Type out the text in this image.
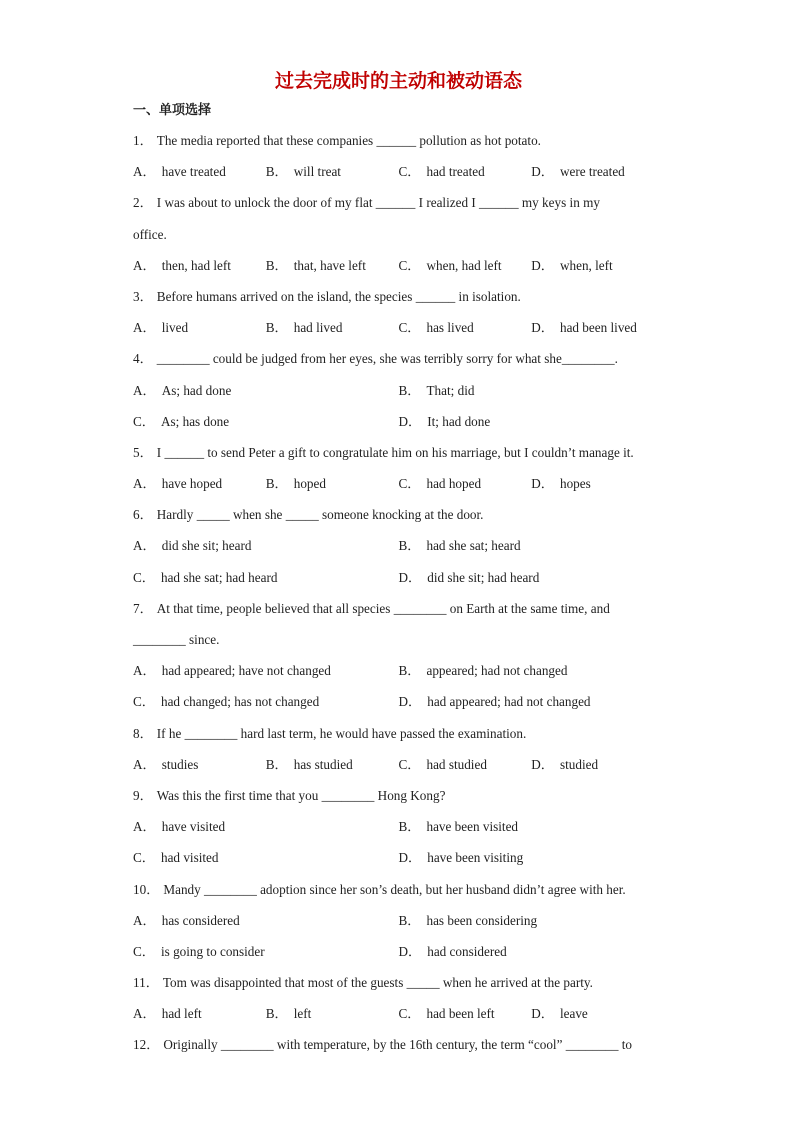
过去完成时的主动和被动语态
一、单项选择
1． The media reported that these companies ______ pollution as hot potato.
A． have treated	B． will treat	C． had treated	D． were treated
2． I was about to unlock the door of my flat ______ I realized I ______ my keys in my
office.
A． then, had left	B． that, have left	C． when, had left	D． when, left
3． Before humans arrived on the island, the species ______ in isolation.
A． lived	B． had lived	C． has lived	D． had been lived
4． ________ could be judged from her eyes, she was terribly sorry for what she________.
A． As; had done	B． That; did
C． As; has done	D． It; had done
5． I ______ to send Peter a gift to congratulate him on his marriage, but I couldn’t manage it.
A． have hoped	B． hoped	C． had hoped	D． hopes
6． Hardly _____ when she _____ someone knocking at the door.
A． did she sit; heard	B． had she sat; heard
C． had she sat; had heard	D． did she sit; had heard
7． At that time, people believed that all species ________ on Earth at the same time, and
________ since.
A． had appeared; have not changed	B． appeared; had not changed
C． had changed; has not changed	D． had appeared; had not changed
8． If he ________ hard last term, he would have passed the examination.
A． studies	B． has studied	C． had studied	D． studied
9． Was this the first time that you ________ Hong Kong?
A． have visited	B． have been visited
C． had visited	D． have been visiting
10． Mandy ________ adoption since her son’s death, but her husband didn’t agree with her.
A． has considered	B． has been considering
C． is going to consider	D． had considered
11． Tom was disappointed that most of the guests _____ when he arrived at the party.
A． had left	B． left	C． had been left	D． leave
12． Originally ________ with temperature, by the 16th century, the term “cool” ________ to
